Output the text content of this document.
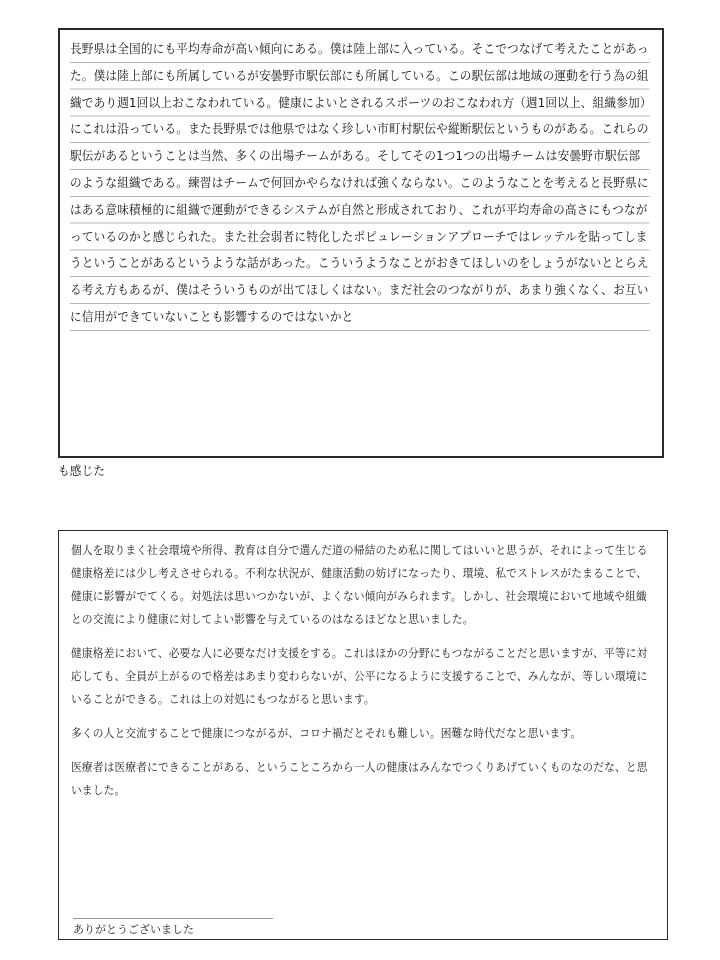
長野県は全国的にも平均寿命が高い傾向にある。僕は陸上部に入っている。そこでつなげて考えたことがあった。僕は陸上部にも所属しているが安曇野市駅伝部にも所属している。この駅伝部は地域の運動を行う為の組織であり週1回以上おこなわれている。健康によいとされるスポーツのおこなわれ方（週1回以上、組織参加）にこれは沿っている。また長野県では他県ではなく珍しい市町村駅伝や縦断駅伝というものがある。これらの駅伝があるということは当然、多くの出場チームがある。そしてその1つ1つの出場チームは安曇野市駅伝部のような組織である。練習はチームで何回かやらなければ強くならない。このようなことを考えると長野県にはある意味積極的に組織で運動ができるシステムが自然と形成されており、これが平均寿命の高さにもつながっているのかと感じられた。また社会弱者に特化したポピュレーションアプローチではレッテルを貼ってしまうということがあるというような話があった。こういうようなことがおきてほしいのをしょうがないととらえる考え方もあるが、僕はそういうものが出てほしくはない。まだ社会のつながりが、あまり強くなく、お互いに信用ができていないことも影響するのではないかと
も感じた

個人を取りまく社会環境や所得、教育は自分で選んだ道の帰結のため私に関してはいいと思うが、それによって生じる健康格差には少し考えさせられる。不利な状況が、健康活動の妨げになったり、環境、私でストレスがたまることで、健康に影響がでてくる。対処法は思いつかないが、よくない傾向がみられます。しかし、社会環境において地域や組織との交流により健康に対してよい影響を与えているのはなるほどなと思いました。

健康格差において、必要な人に必要なだけ支援をする。これはほかの分野にもつながることだと思いますが、平等に対応しても、全員が上がるので格差はあまり変わらないが、公平になるように支援することで、みんなが、等しい環境にいることができる。これは上の対処にもつながると思います。

多くの人と交流することで健康につながるが、コロナ禍だとそれも難しい。困難な時代だなと思います。

医療者は医療者にできることがある、ということころから一人の健康はみんなでつくりあげていくものなのだな、と思いました。

ありがとうございました
